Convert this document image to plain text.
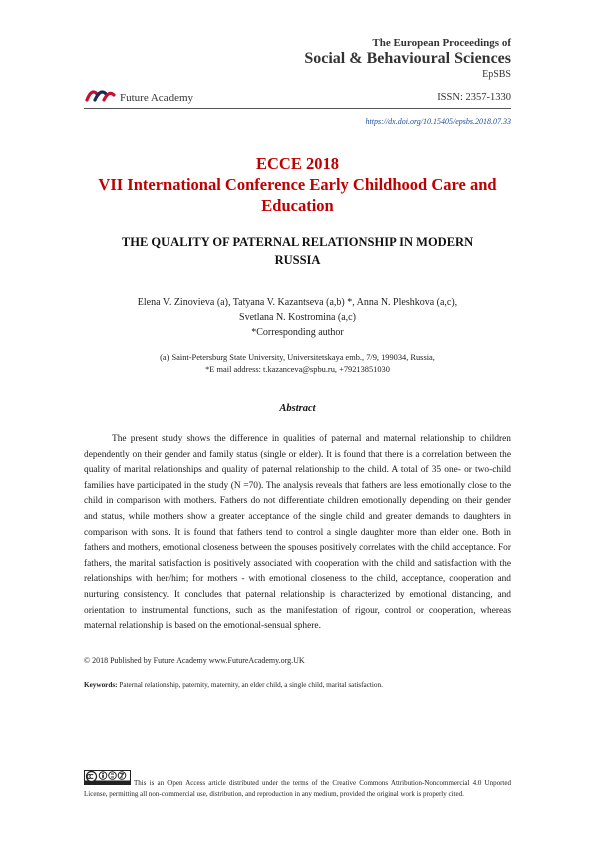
The European Proceedings of
Social & Behavioural Sciences
EpSBS
Future Academy	ISSN: 2357-1330
https://dx.doi.org/10.15405/epsbs.2018.07.33
ECCE 2018
VII International Conference Early Childhood Care and
Education
THE QUALITY OF PATERNAL RELATIONSHIP IN MODERN
RUSSIA
Elena V. Zinovieva (a), Tatyana V. Kazantseva (a,b) *, Anna N. Pleshkova (a,c),
Svetlana N. Kostromina (a,c)
*Corresponding author
(a) Saint-Petersburg State University, Universitetskaya emb., 7/9, 199034, Russia,
*E mail address: t.kazanceva@spbu.ru, +79213851030
Abstract

The present study shows the difference in qualities of paternal and maternal relationship to children dependently on their gender and family status (single or elder). It is found that there is a correlation between the quality of marital relationships and quality of paternal relationship to the child. A total of 35 one- or two-child families have participated in the study (N =70). The analysis reveals that fathers are less emotionally close to the child in comparison with mothers. Fathers do not differentiate children emotionally depending on their gender and status, while mothers show a greater acceptance of the single child and greater demands to daughters in comparison with sons. It is found that fathers tend to control a single daughter more than elder one. Both in fathers and mothers, emotional closeness between the spouses positively correlates with the child acceptance. For fathers, the marital satisfaction is positively associated with cooperation with the child and satisfaction with the relationships with her/him; for mothers - with emotional closeness to the child, acceptance, cooperation and nurturing consistency. It concludes that paternal relationship is characterized by emotional distancing, and orientation to instrumental functions, such as the manifestation of rigour, control or cooperation, whereas maternal relationship is based on the emotional-sensual sphere.

© 2018 Published by Future Academy www.FutureAcademy.org.UK
Keywords: Paternal relationship, paternity, maternity, an elder child, a single child, marital satisfaction.
This is an Open Access article distributed under the terms of the Creative Commons Attribution-Noncommercial 4.0 Unported License, permitting all non-commercial use, distribution, and reproduction in any medium, provided the original work is properly cited.
